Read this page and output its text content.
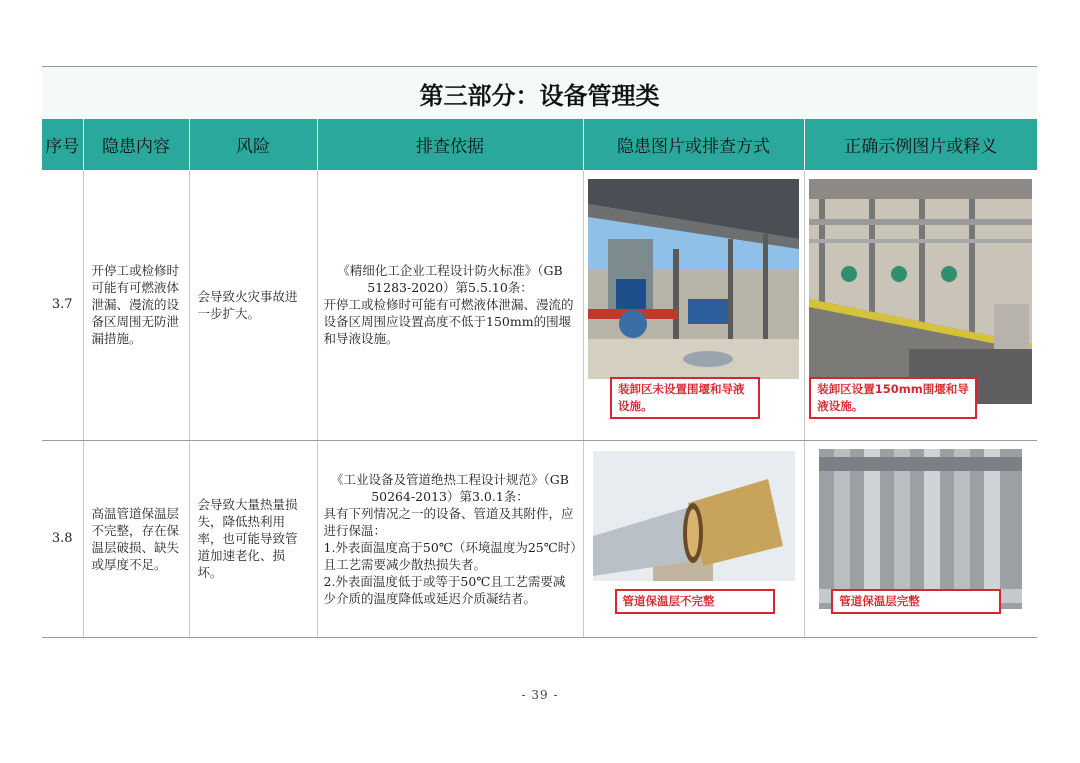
第三部分：设备管理类
序号	隐患内容	风险	排查依据	隐患图片或排查方式	正确示例图片或释义
3.7	开停工或检修时可能有可燃液体泄漏、漫流的设备区周围无防泄漏措施。	会导致火灾事故进一步扩大。	《精细化工企业工程设计防火标准》（GB 51283-2020）第5.5.10条：
开停工或检修时可能有可燃液体泄漏、漫流的设备区周围应设置高度不低于150mm的围堰和导液设施。	装卸区未设置围堰和导液设施。	装卸区设置150mm围堰和导液设施。

3.8	高温管道保温层不完整，存在保温层破损、缺失或厚度不足。	会导致大量热量损失，降低热利用率，也可能导致管道加速老化、损坏。	《工业设备及管道绝热工程设计规范》（GB 50264-2013）第3.0.1条：
具有下列情况之一的设备、管道及其附件，应进行保温：
1.外表面温度高于50℃（环境温度为25℃时）且工艺需要减少散热损失者。
2.外表面温度低于或等于50℃且工艺需要减少介质的温度降低或延迟介质凝结者。	管道保温层不完整	管道保温层完整
- 39 -
